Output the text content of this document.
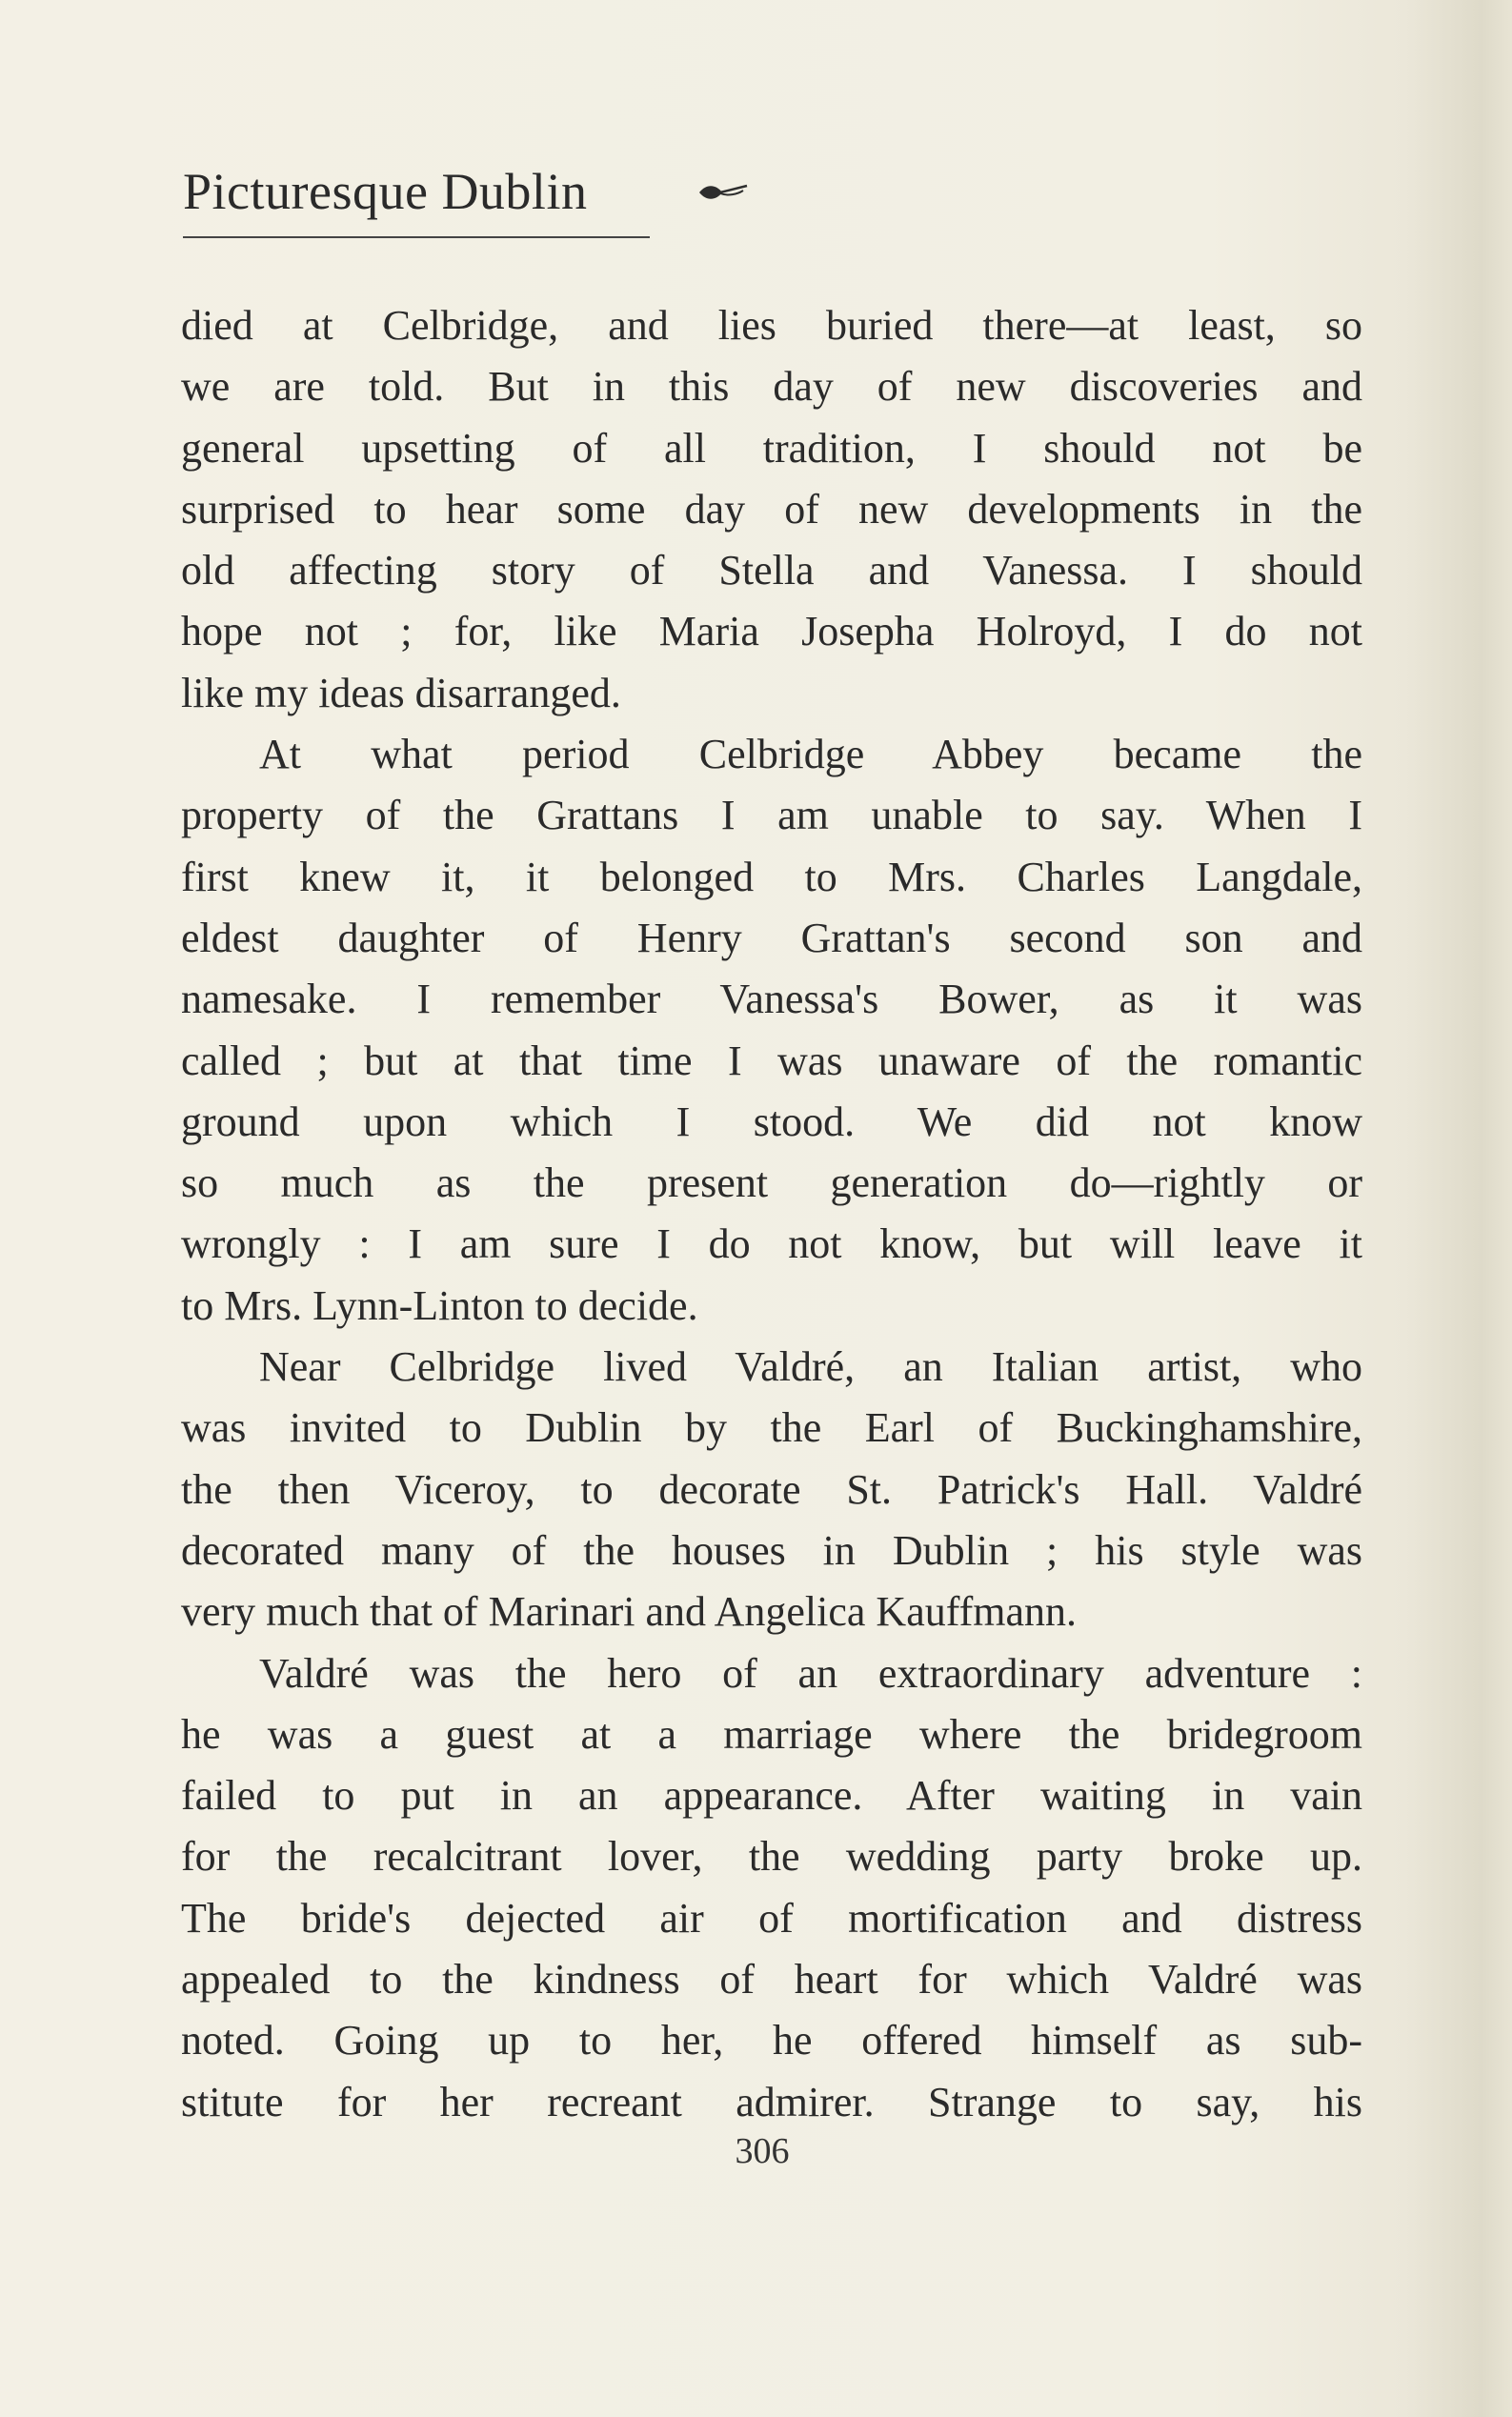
Picturesque Dublin
died at Celbridge, and lies buried there—at least, so
we are told. But in this day of new discoveries and
general upsetting of all tradition, I should not be
surprised to hear some day of new developments in the
old affecting story of Stella and Vanessa. I should
hope not ; for, like Maria Josepha Holroyd, I do not
like my ideas disarranged.
At what period Celbridge Abbey became the
property of the Grattans I am unable to say. When I
first knew it, it belonged to Mrs. Charles Langdale,
eldest daughter of Henry Grattan's second son and
namesake. I remember Vanessa's Bower, as it was
called ; but at that time I was unaware of the romantic
ground upon which I stood. We did not know
so much as the present generation do—rightly or
wrongly : I am sure I do not know, but will leave it
to Mrs. Lynn-Linton to decide.
Near Celbridge lived Valdré, an Italian artist, who
was invited to Dublin by the Earl of Buckinghamshire,
the then Viceroy, to decorate St. Patrick's Hall. Valdré
decorated many of the houses in Dublin ; his style was
very much that of Marinari and Angelica Kauffmann.
Valdré was the hero of an extraordinary adventure :
he was a guest at a marriage where the bridegroom
failed to put in an appearance. After waiting in vain
for the recalcitrant lover, the wedding party broke up.
The bride's dejected air of mortification and distress
appealed to the kindness of heart for which Valdré was
noted. Going up to her, he offered himself as sub-
stitute for her recreant admirer. Strange to say, his
306
